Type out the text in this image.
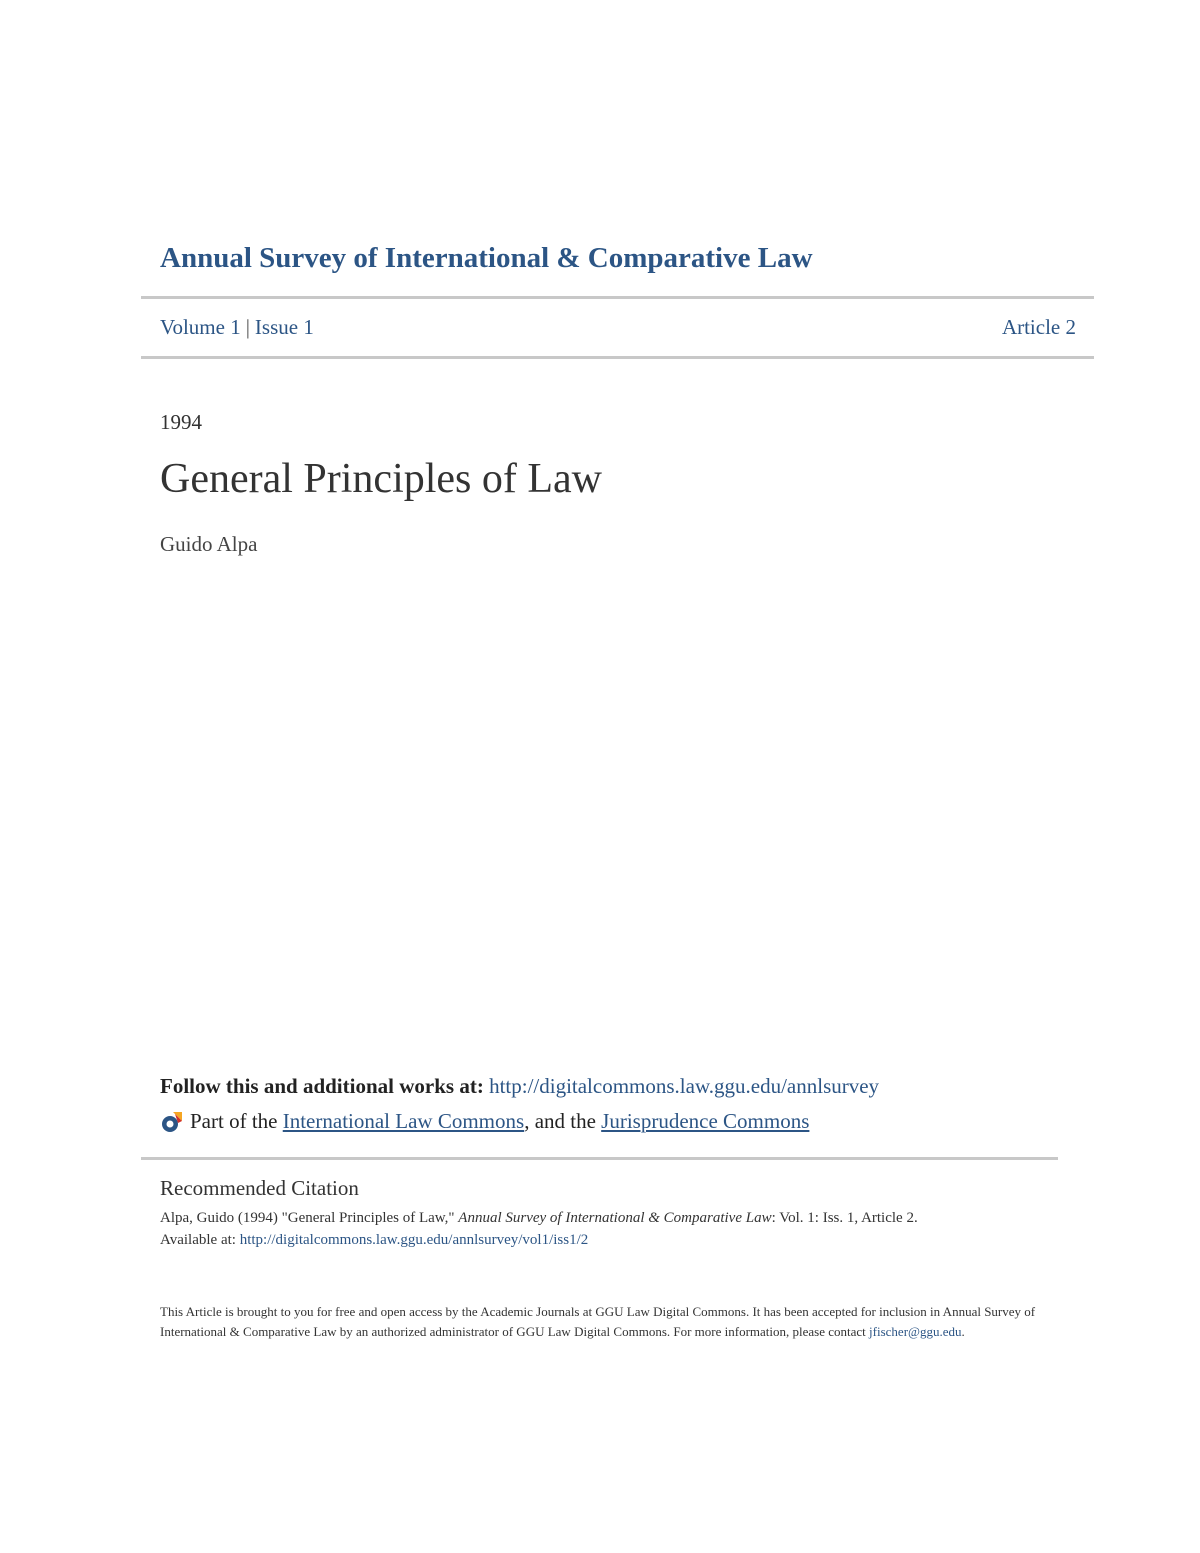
Annual Survey of International & Comparative Law
Volume 1 | Issue 1	Article 2
1994
General Principles of Law
Guido Alpa
Follow this and additional works at: http://digitalcommons.law.ggu.edu/annlsurvey
Part of the
International Law Commons , and the
Jurisprudence Commons
Recommended Citation
Alpa, Guido (1994) "General Principles of Law," Annual Survey of International & Comparative Law: Vol. 1: Iss. 1, Article 2.
Available at: http://digitalcommons.law.ggu.edu/annlsurvey/vol1/iss1/2
This Article is brought to you for free and open access by the Academic Journals at GGU Law Digital Commons. It has been accepted for inclusion in Annual Survey of International & Comparative Law by an authorized administrator of GGU Law Digital Commons. For more information, please contact jfischer@ggu.edu.
